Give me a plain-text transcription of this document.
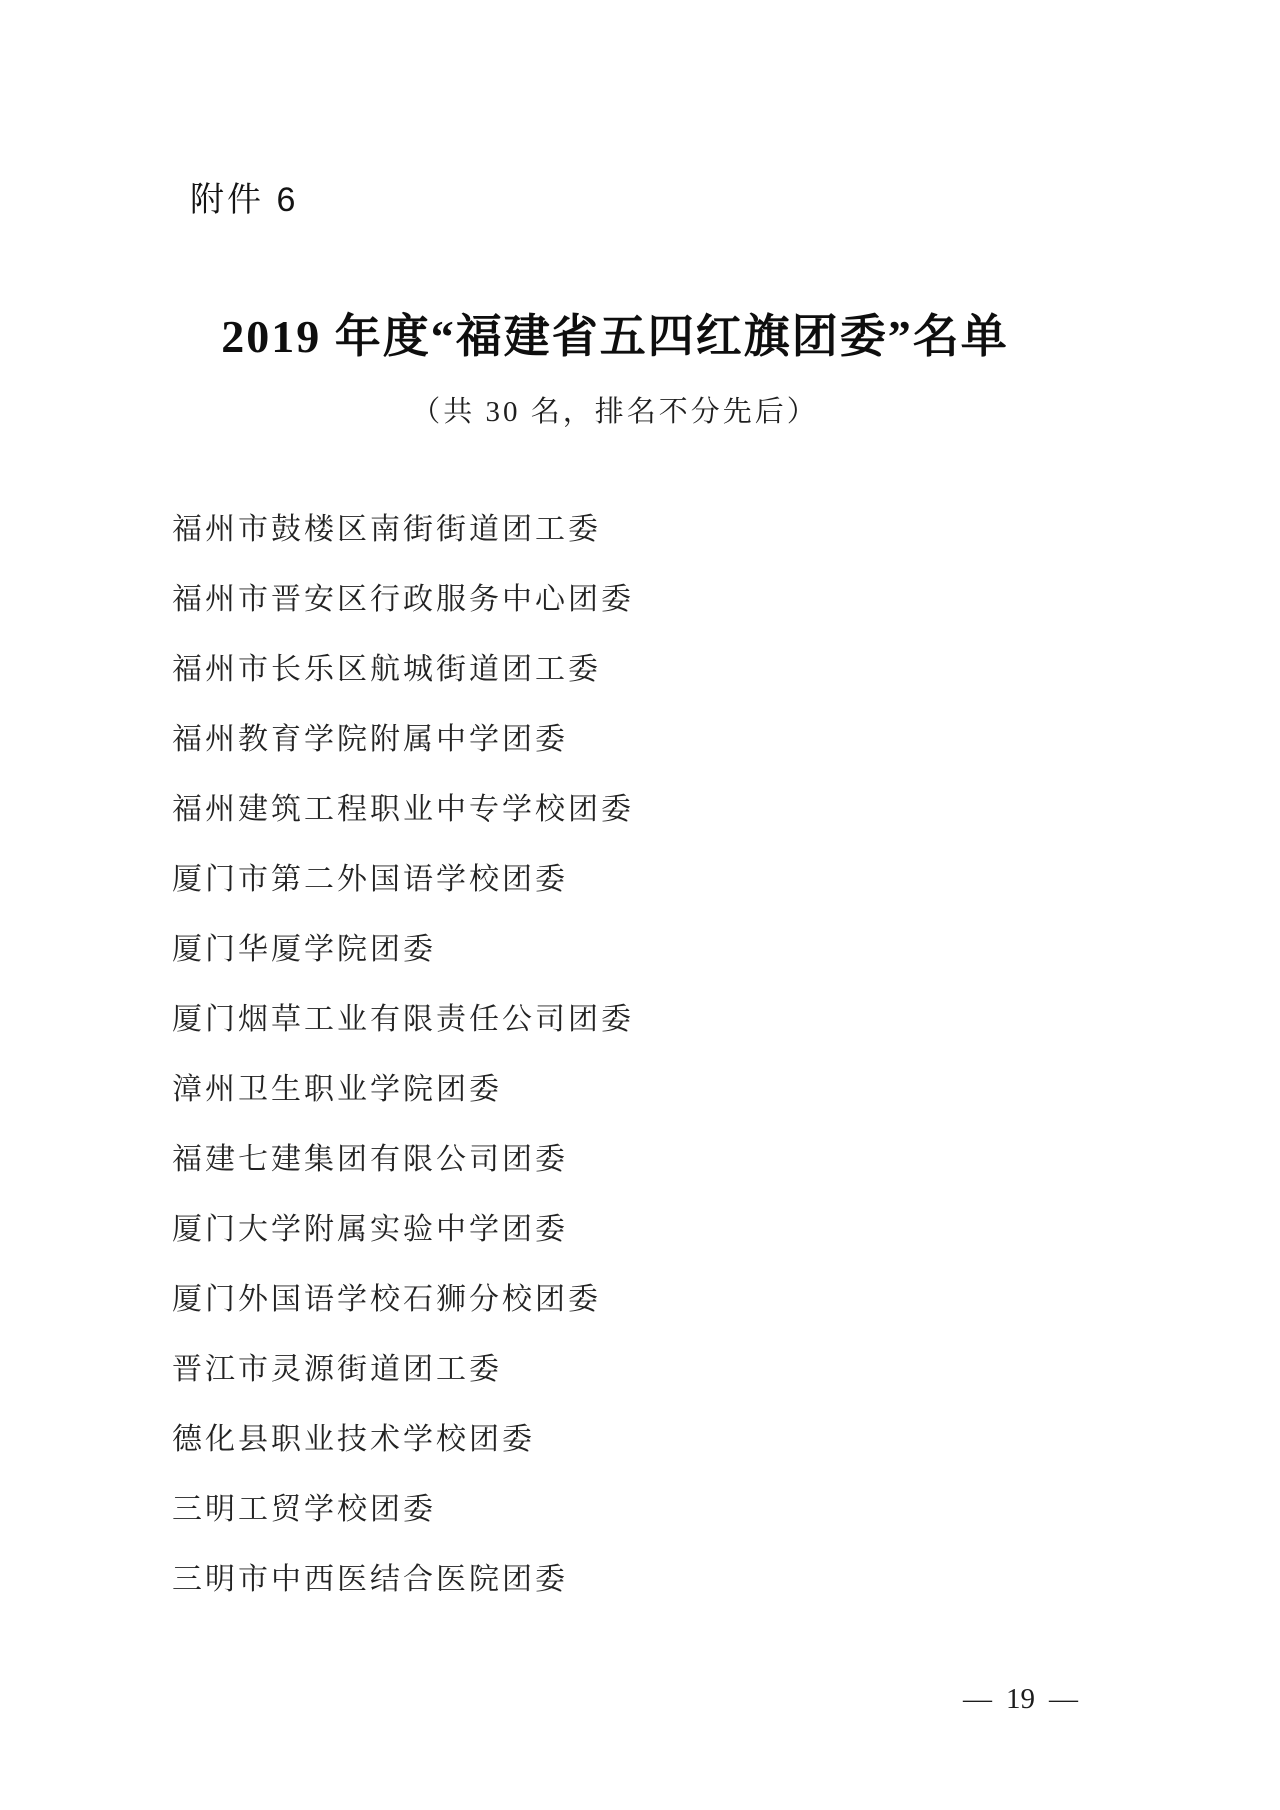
附件 6
2019 年度“福建省五四红旗团委”名单
（共 30 名，排名不分先后）
福州市鼓楼区南街街道团工委
福州市晋安区行政服务中心团委
福州市长乐区航城街道团工委
福州教育学院附属中学团委
福州建筑工程职业中专学校团委
厦门市第二外国语学校团委
厦门华厦学院团委
厦门烟草工业有限责任公司团委
漳州卫生职业学院团委
福建七建集团有限公司团委
厦门大学附属实验中学团委
厦门外国语学校石狮分校团委
晋江市灵源街道团工委
德化县职业技术学校团委
三明工贸学校团委
三明市中西医结合医院团委
— 19 —
